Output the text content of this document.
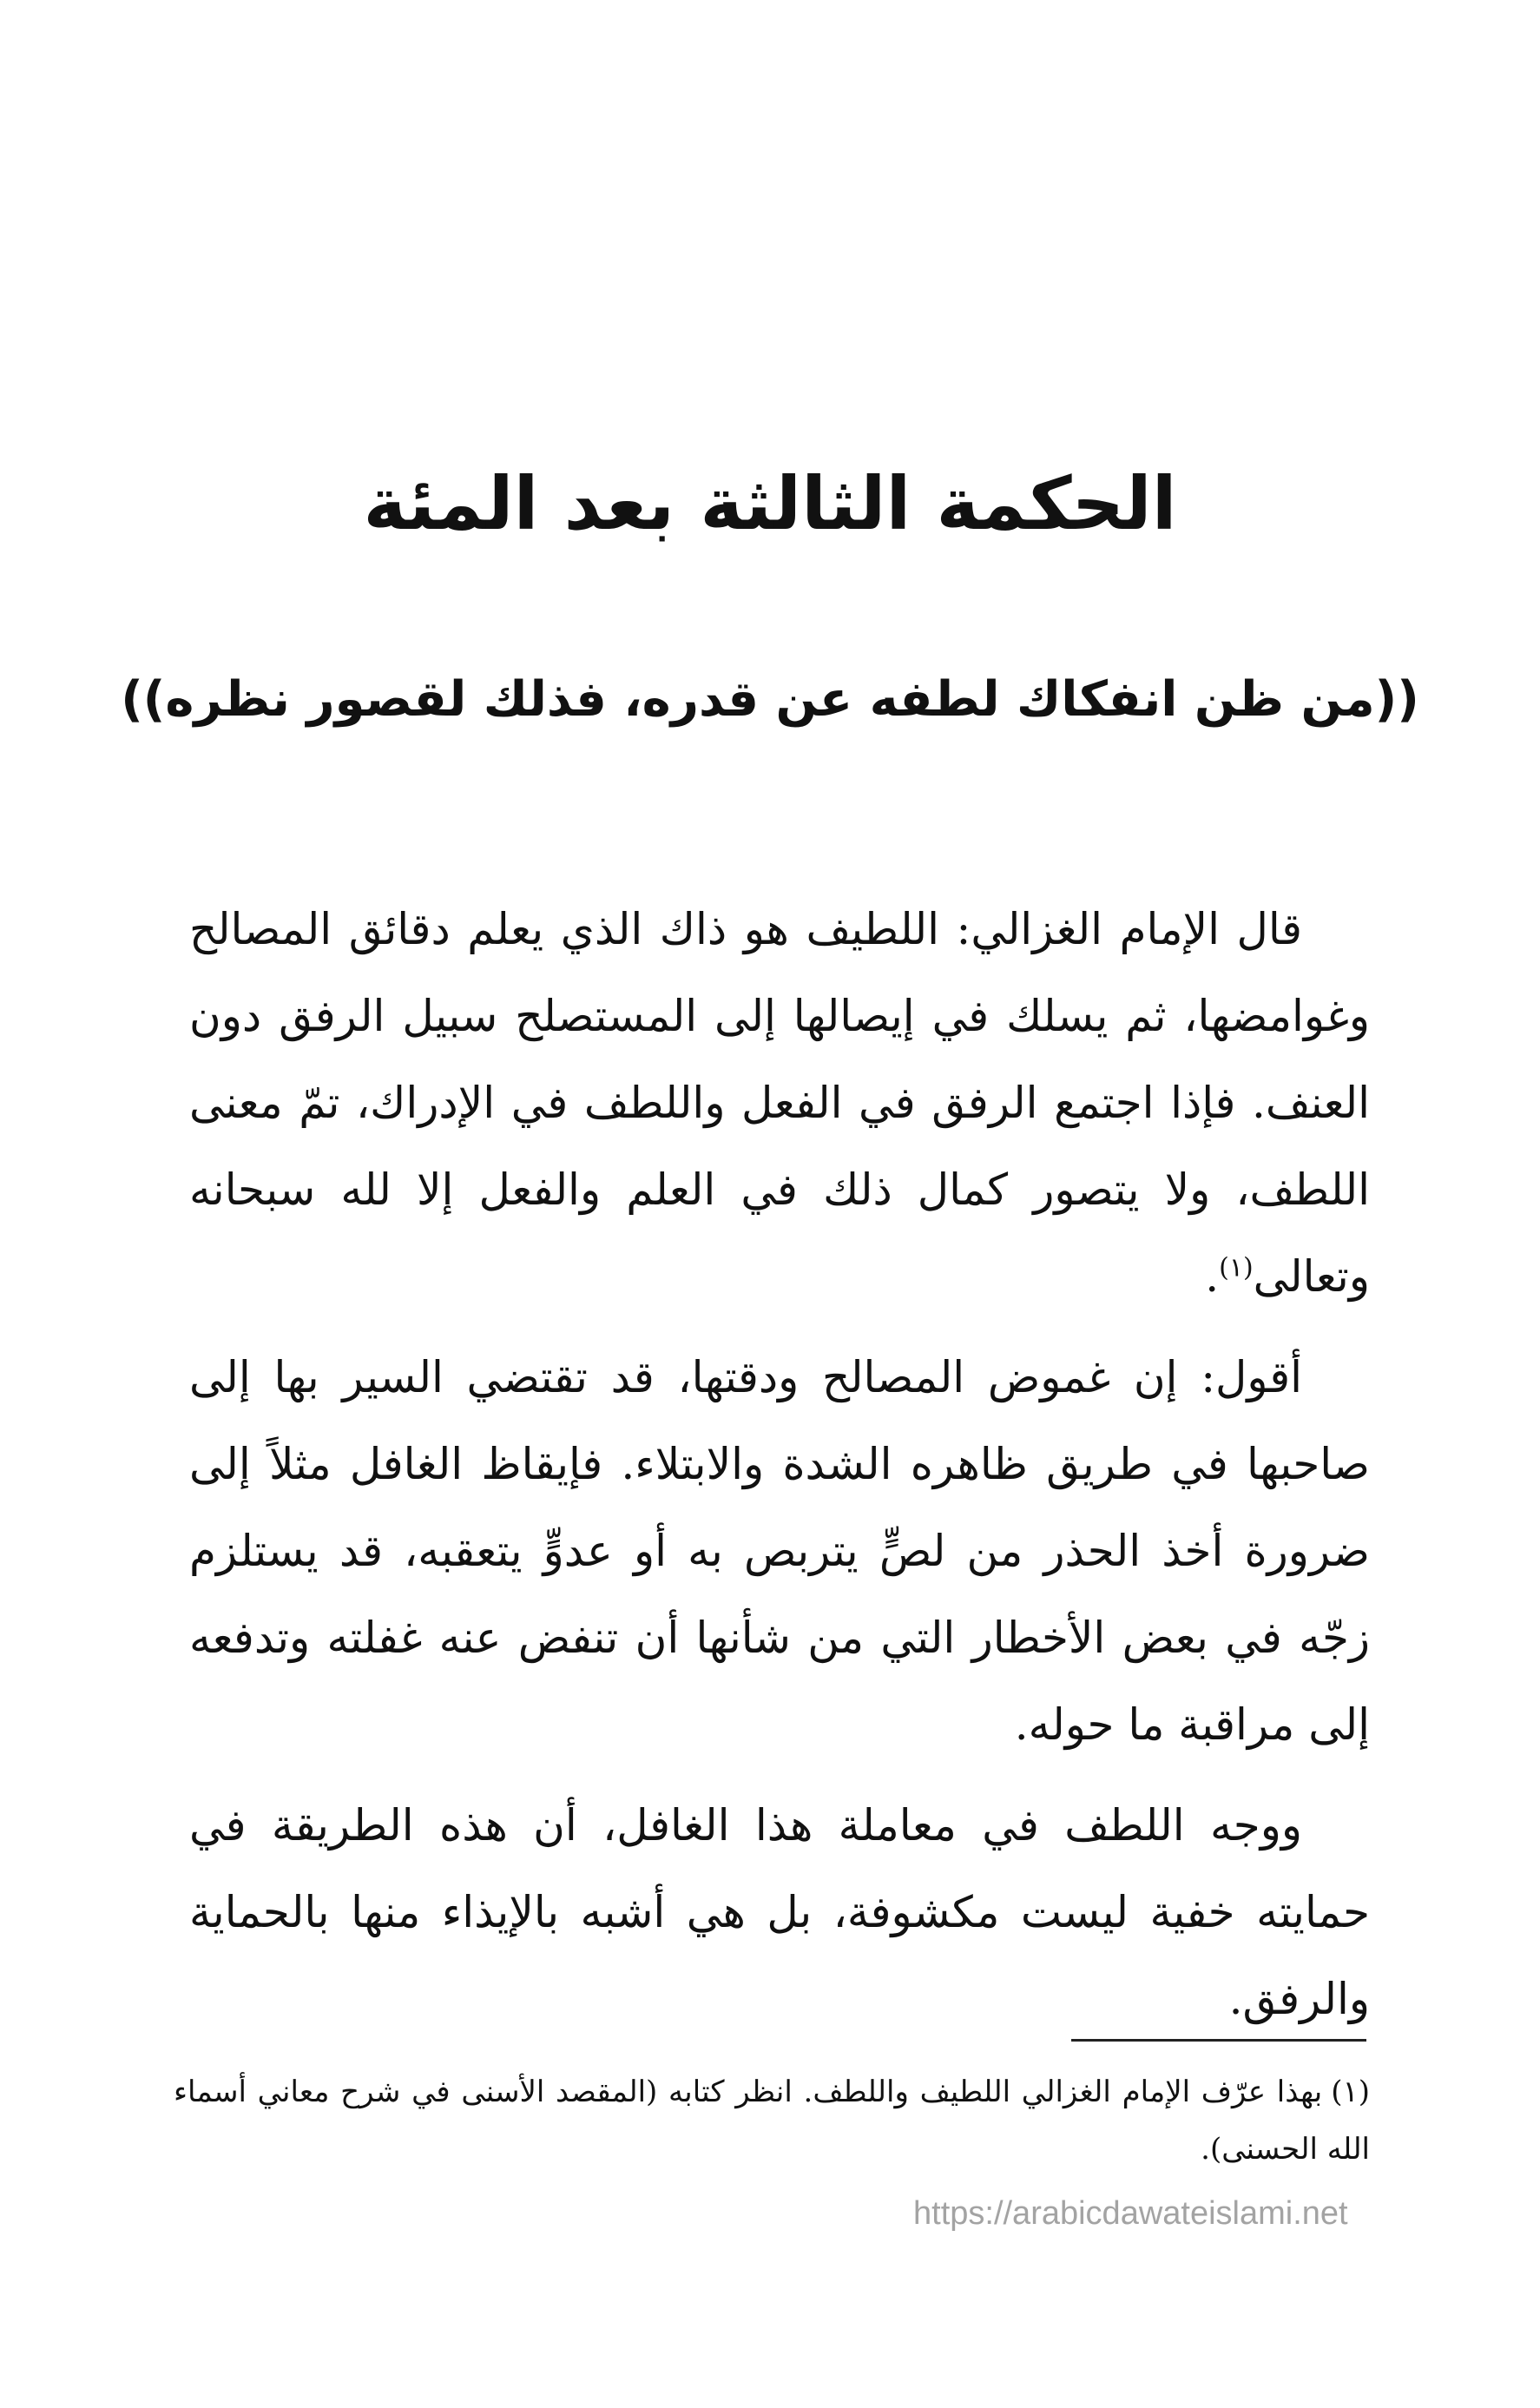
الحكمة الثالثة بعد المئة
((من ظن انفكاك لطفه عن قدره، فذلك لقصور نظره))

قال الإمام الغزالي: اللطيف هو ذاك الذي يعلم دقائق المصالح وغوامضها، ثم يسلك في إيصالها إلى المستصلح سبيل الرفق دون العنف. فإذا اجتمع الرفق في الفعل واللطف في الإدراك، تمّ معنى اللطف، ولا يتصور كمال ذلك في العلم والفعل إلا لله سبحانه وتعالى$^{(١)}$.

أقول: إن غموض المصالح ودقتها، قد تقتضي السير بها إلى صاحبها في طريق ظاهره الشدة والابتلاء. فإيقاظ الغافل مثلاً إلى ضرورة أخذ الحذر من لصٍّ يتربص به أو عدوٍّ يتعقبه، قد يستلزم زجّه في بعض الأخطار التي من شأنها أن تنفض عنه غفلته وتدفعه إلى مراقبة ما حوله.

ووجه اللطف في معاملة هذا الغافل، أن هذه الطريقة في حمايته خفية ليست مكشوفة، بل هي أشبه بالإيذاء منها بالحماية والرفق.

(١)بهذا عرّف الإمام الغزالي اللطيف واللطف. انظر كتابه (المقصد الأسنى في شرح معاني أسماء الله الحسنى).

https://arabicdawateislami.net
